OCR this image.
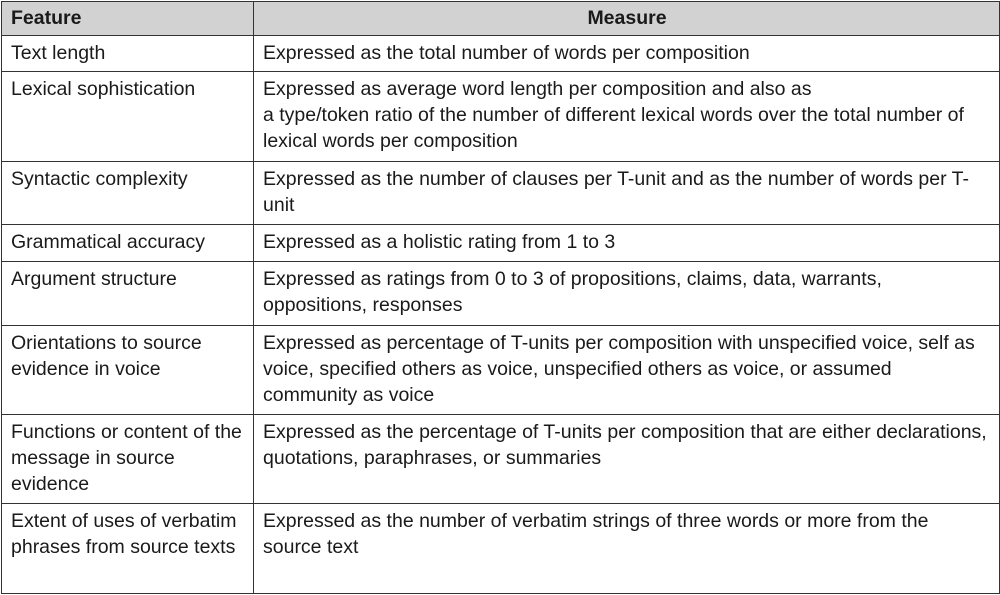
Feature	Measure
Text length	Expressed as the total number of words per composition
Lexical sophistication	Expressed as average word length per composition and also as
a type/token ratio of the number of different lexical words over the total number of lexical words per composition

Syntactic complexity	Expressed as the number of clauses per T-unit and as the number of words per T-unit
Grammatical accuracy	Expressed as a holistic rating from 1 to 3
Argument structure	Expressed as ratings from 0 to 3 of propositions, claims, data, warrants, oppositions, responses
Orientations to source evidence in voice	Expressed as percentage of T-units per composition with unspecified voice, self as voice, specified others as voice, unspecified others as voice, or assumed community as voice
Functions or content of the message in source evidence	Expressed as the percentage of T-units per composition that are either declarations, quotations, paraphrases, or summaries
Extent of uses of verbatim phrases from source texts	Expressed as the number of verbatim strings of three words or more from the source text
